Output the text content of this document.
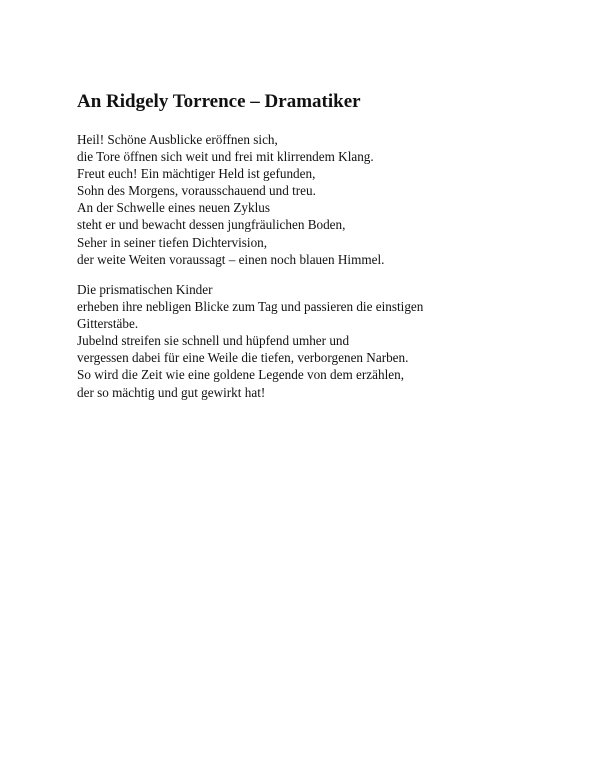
An Ridgely Torrence – Dramatiker
Heil! Schöne Ausblicke eröffnen sich,
die Tore öffnen sich weit und frei mit klirrendem Klang.
Freut euch! Ein mächtiger Held ist gefunden,
Sohn des Morgens, vorausschauend und treu.
An der Schwelle eines neuen Zyklus
steht er und bewacht dessen jungfräulichen Boden,
Seher in seiner tiefen Dichtervision,
der weite Weiten voraussagt – einen noch blauen Himmel.
Die prismatischen Kinder
erheben ihre nebligen Blicke zum Tag und passieren die einstigen
Gitterstäbe.
Jubelnd streifen sie schnell und hüpfend umher und
vergessen dabei für eine Weile die tiefen, verborgenen Narben.
So wird die Zeit wie eine goldene Legende von dem erzählen,
der so mächtig und gut gewirkt hat!
